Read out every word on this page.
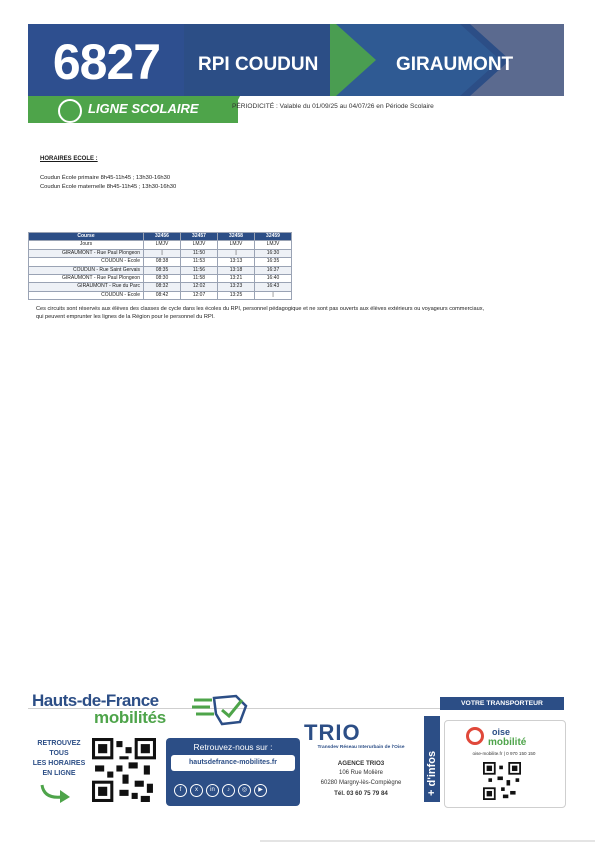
6827	RPI COUDUN	GIRAUMONT
LIGNE SCOLAIRE	PÉRIODICITÉ : Valable du 01/09/25 au 04/07/26 en Période Scolaire
HORAIRES ECOLE :
Coudun École primaire 8h45-11h45 ; 13h30-16h30
Coudun École maternelle 8h45-11h45 ; 13h30-16h30
Course	32456	32457	32458	32459
Jours	LMJV	LMJV	LMJV	LMJV
GIRAUMONT - Rue Paul Plongeon	|	11:50	|	16:30
COUDUN - Ecole	08:38	11:53	13:13	16:35
COUDUN - Rue Saint Gervais	08:35	11:56	13:18	16:37
GIRAUMONT - Rue Paul Plongeon	08:30	11:58	13:21	16:40
GIRAUMONT - Rue du Parc	08:32	12:02	13:23	16:43
COUDUN - Ecole	08:42	12:07	13:25	|
Ces circuits sont réservés aux élèves des classes de cycle dans les écoles du RPI, personnel pédagogique et ne sont pas ouverts aux élèves extérieurs ou voyageurs commerciaux,
qui peuvent emprunter les lignes de la Région pour le personnel du RPI.
VOTRE TRANSPORTEUR
Hauts-de-France
mobilités
RETROUVEZ
TOUS
LES HORAIRES
EN LIGNE
Retrouvez-nous sur :
hautsdefrance-mobilites.fr
f	x	in	♪	◎	▶
TRIO
Transdev Réseau Interurbain de l'Oise
AGENCE TRIO3
106 Rue Molière
60280 Margny-lès-Compiègne
Tél. 03 60 75 79 84	+ d'infos
oise
mobilité
oise-mobilite.fr | 0 970 150 150
